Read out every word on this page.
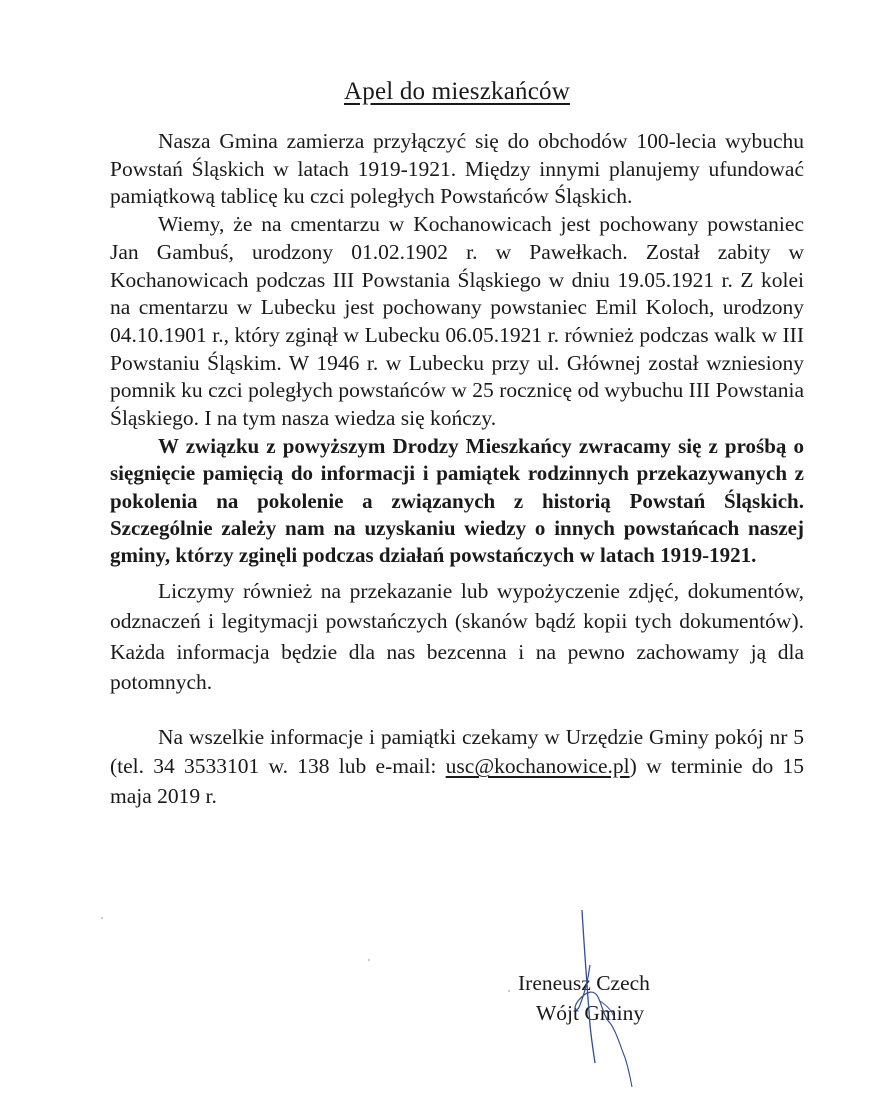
Apel do mieszkańców

Nasza Gmina zamierza przyłączyć się do obchodów 100-lecia wybuchu Powstań Śląskich w latach 1919-1921. Między innymi planujemy ufundować pamiątkową tablicę ku czci poległych Powstańców Śląskich.

Wiemy, że na cmentarzu w Kochanowicach jest pochowany powstaniec Jan Gambuś, urodzony 01.02.1902 r. w Pawełkach. Został zabity w Kochanowicach podczas III Powstania Śląskiego w dniu 19.05.1921 r. Z kolei na cmentarzu w Lubecku jest pochowany powstaniec Emil Koloch, urodzony 04.10.1901 r., który zginął w Lubecku 06.05.1921 r. również podczas walk w III Powstaniu Śląskim. W 1946 r. w Lubecku przy ul. Głównej został wzniesiony pomnik ku czci poległych powstańców w 25 rocznicę od wybuchu III Powstania Śląskiego. I na tym nasza wiedza się kończy.

W związku z powyższym Drodzy Mieszkańcy zwracamy się z prośbą o sięgnięcie pamięcią do informacji i pamiątek rodzinnych przekazywanych z pokolenia na pokolenie a związanych z historią Powstań Śląskich. Szczególnie zależy nam na uzyskaniu wiedzy o innych powstańcach naszej gminy, którzy zginęli podczas działań powstańczych w latach 1919-1921.

Liczymy również na przekazanie lub wypożyczenie zdjęć, dokumentów, odznaczeń i legitymacji powstańczych (skanów bądź kopii tych dokumentów). Każda informacja będzie dla nas bezcenna i na pewno zachowamy ją dla potomnych.

Na wszelkie informacje i pamiątki czekamy w Urzędzie Gminy pokój nr 5 (tel. 34 3533101 w. 138 lub e-mail: usc@kochanowice.pl) w terminie do 15 maja 2019 r.

Ireneusz Czech

Wójt Gminy
